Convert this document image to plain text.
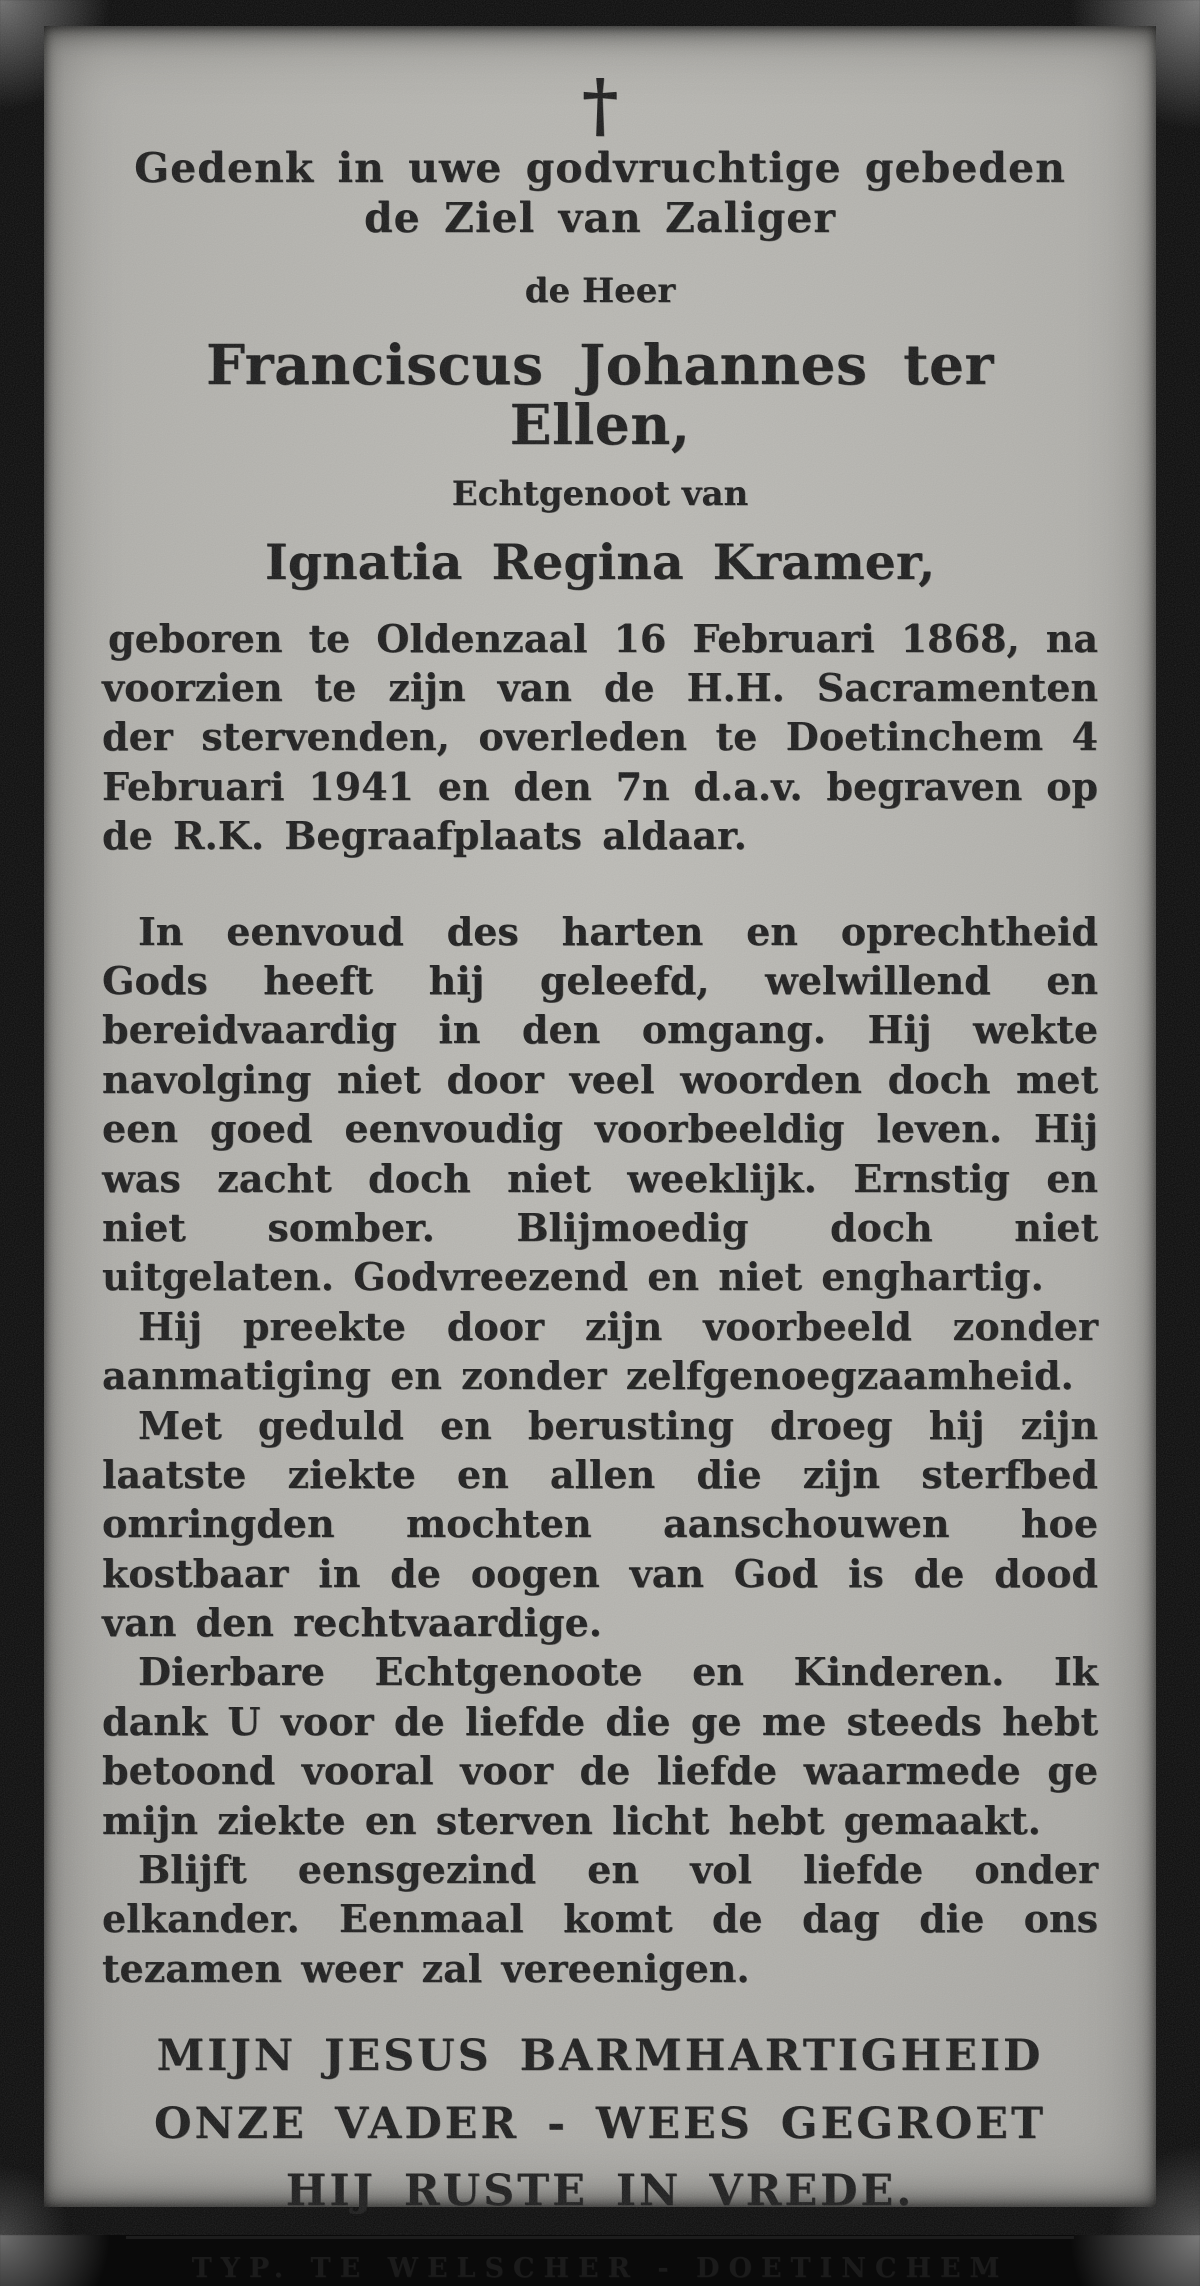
†
Gedenk in uwe godvruchtige gebeden
de Ziel van Zaliger
de Heer
Franciscus Johannes ter Ellen,
Echtgenoot van
Ignatia Regina Kramer,
geboren te Oldenzaal 16 Februari 1868, na voorzien te zijn van de H.H. Sacramenten der stervenden, overleden te Doetinchem 4 Februari 1941 en den 7n d.a.v. begraven op de R.K. Begraafplaats aldaar.

In eenvoud des harten en oprechtheid Gods heeft hij geleefd, welwillend en bereidvaardig in den omgang. Hij wekte navolging niet door veel woorden doch met een goed eenvoudig voorbeeldig leven. Hij was zacht doch niet weeklijk. Ernstig en niet somber. Blijmoedig doch niet uitgelaten. Godvreezend en niet enghartig.

Hij preekte door zijn voorbeeld zonder aanmatiging en zonder zelfgenoegzaamheid.

Met geduld en berusting droeg hij zijn laatste ziekte en allen die zijn sterfbed omringden mochten aanschouwen hoe kostbaar in de oogen van God is de dood van den rechtvaardige.

Dierbare Echtgenoote en Kinderen. Ik dank U voor de liefde die ge me steeds hebt betoond vooral voor de liefde waarmede ge mijn ziekte en sterven licht hebt gemaakt.

Blijft eensgezind en vol liefde onder elkander. Eenmaal komt de dag die ons tezamen weer zal vereenigen.

MIJN JESUS BARMHARTIGHEID
ONZE VADER - WEES GEGROET
HIJ RUSTE IN VREDE.
TYP. TE WELSCHER - DOETINCHEM
